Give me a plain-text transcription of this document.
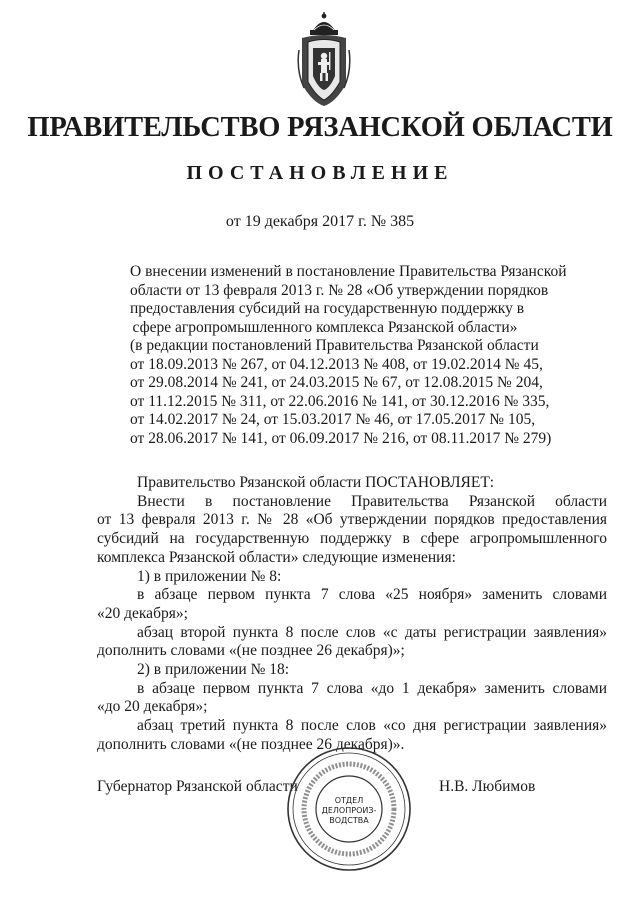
ПРАВИТЕЛЬСТВО РЯЗАНСКОЙ ОБЛАСТИ
ПОСТАНОВЛЕНИЕ
от 19 декабря 2017 г. № 385
О внесении изменений в постановление Правительства Рязанской
области от 13 февраля 2013 г. № 28 «Об утверждении порядков
предоставления субсидий на государственную поддержку в
сфере агропромышленного комплекса Рязанской области»
(в редакции постановлений Правительства Рязанской области
от 18.09.2013 № 267, от 04.12.2013 № 408, от 19.02.2014 № 45,
от 29.08.2014 № 241, от 24.03.2015 № 67, от 12.08.2015 № 204,
от 11.12.2015 № 311, от 22.06.2016 № 141, от 30.12.2016 № 335,
от 14.02.2017 № 24, от 15.03.2017 № 46, от 17.05.2017 № 105,
от 28.06.2017 № 141, от 06.09.2017 № 216, от 08.11.2017 № 279)
Правительство Рязанской области ПОСТАНОВЛЯЕТ:
Внести в постановление Правительства Рязанской области
от 13 февраля 2013 г. № 28 «Об утверждении порядков предоставления
субсидий на государственную поддержку в сфере агропромышленного
комплекса Рязанской области» следующие изменения:
1) в приложении № 8:
в абзаце первом пункта 7 слова «25 ноября» заменить словами
«20 декабря»;
абзац второй пункта 8 после слов «с даты регистрации заявления»
дополнить словами «(не позднее 26 декабря)»;
2) в приложении № 18:
в абзаце первом пункта 7 слова «до 1 декабря» заменить словами
«до 20 декабря»;
абзац третий пункта 8 после слов «со дня регистрации заявления»
дополнить словами «(не позднее 26 декабря)».
Губернатор Рязанской области	Н.В. Любимов
ОТДЕЛ
ДЕЛОПРОИЗ-
ВОДСТВА
